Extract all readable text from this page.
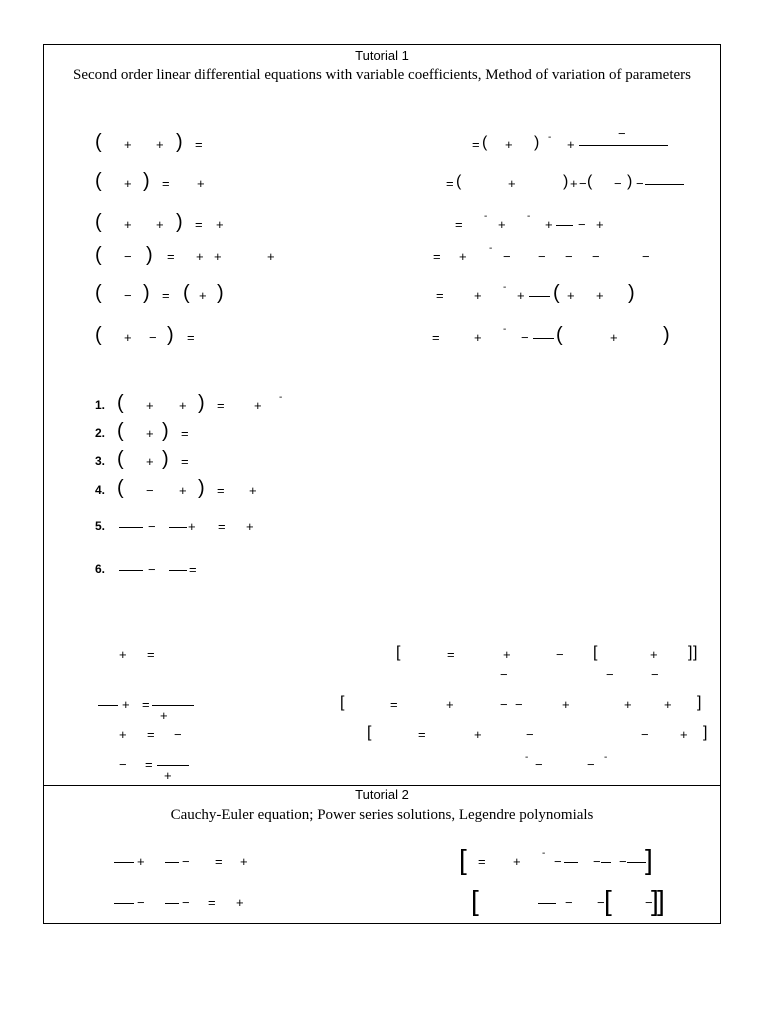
Tutorial 1
Second order linear differential equations with variable coefficients, Method of variation of parameters
( + + ) =
( + ) = +
( + + ) = +
( − ) = + +	+
( − ) = ( + )
( + − ) =
= ( + ) - +
−
= (	+	) + − ( − ) −
=
-
+
-
+ − +
= +
-
− − − −	−
= +
-
+ ( + + )
=	+
-
− (	+ )
1. ( + + ) = +
-
2. ( + ) =
3. ( + ) =
4. ( − + ) = +
5.	− + = +
6.	−	=
+ =
+ =
+
+ = −
− =
+
[	=	+
−
− [	+
−	−
] ]
[	=	+	− −	+	+ + ]
[	=	+	−	− + ]
- −	− -
Tutorial 2
Cauchy-Euler equation; Power series solutions, Legendre polynomials
+	− = +
−	− = +
[ = +
-
− − − ]
[	− − [	−
]
]
